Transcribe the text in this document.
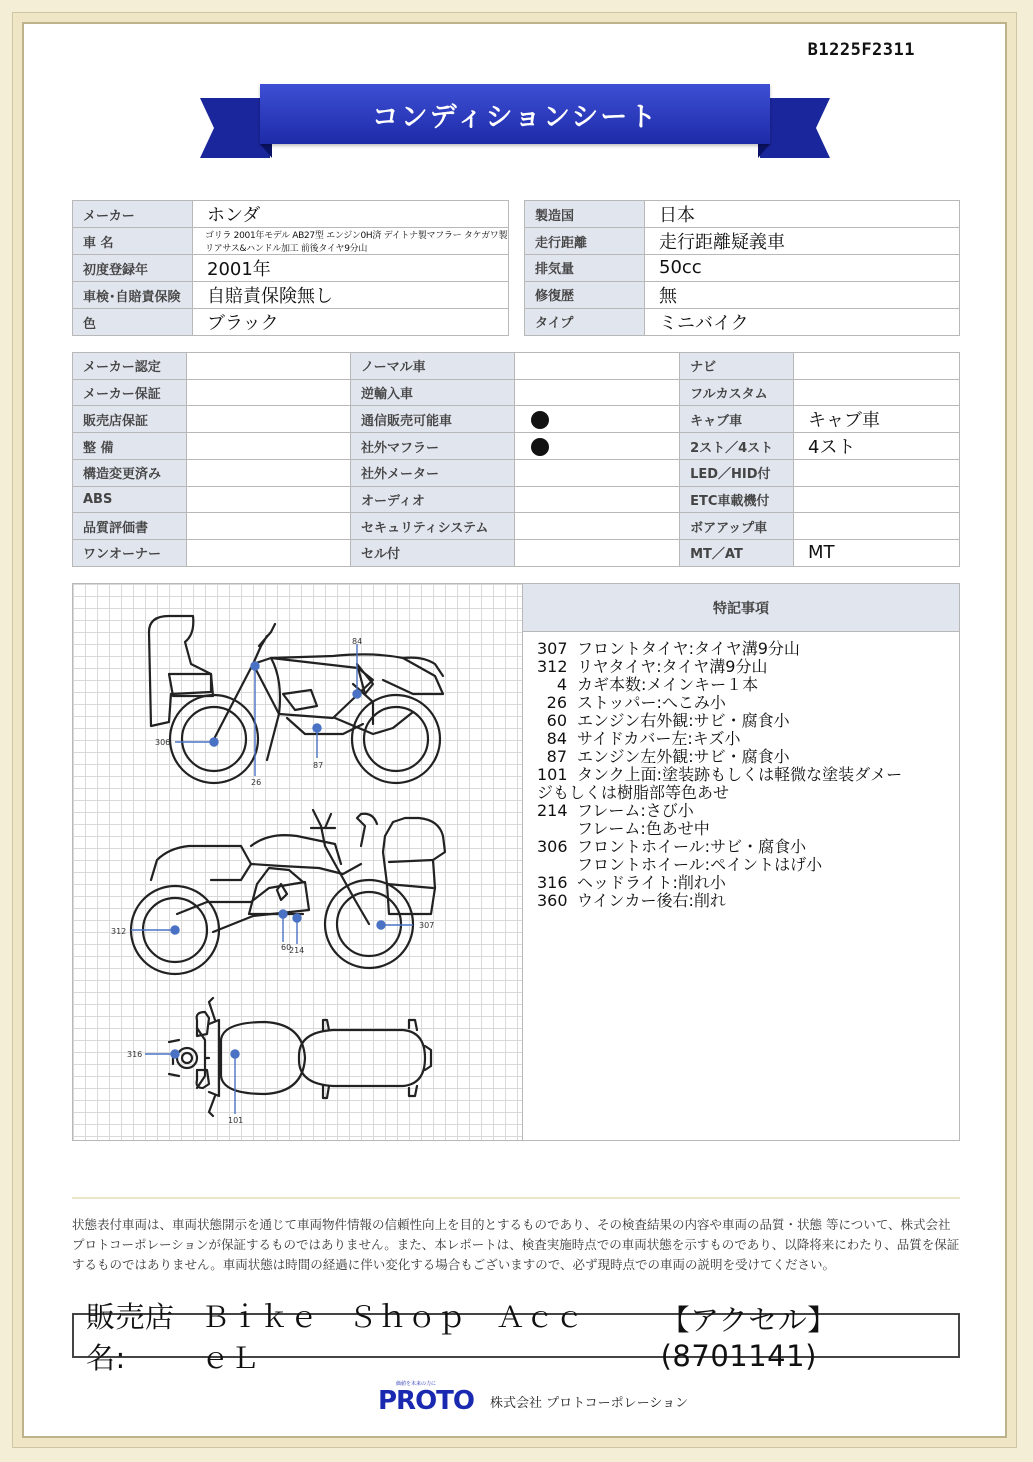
B1225F2311
コンディションシート
メーカー	ホンダ
車 名	ゴリラ 2001年モデル AB27型 エンジン0H済 デイトナ製マフラー タケガワ製リアサス&ハンドル加工 前後タイヤ9分山
初度登録年	2001年
車検･自賠責保険	自賠責保険無し
色	ブラック
製造国	日本
走行距離	走行距離疑義車
排気量	50cc
修復歴	無
タイプ	ミニバイク
メーカー認定		ノーマル車		ナビ	
メーカー保証		逆輸入車		フルカスタム	
販売店保証		通信販売可能車		キャブ車	キャブ車
整 備		社外マフラー		2スト／4スト	4スト
構造変更済み		社外メーター		LED／HID付	
ABS		オーディオ		ETC車載機付	
品質評価書		セキュリティシステム		ボアアップ車	
ワンオーナー		セル付		MT／AT	MT
84
306
26
87
312
307
60
214
316
101
特記事項
307 フロントタイヤ:タイヤ溝9分山
312 リヤタイヤ:タイヤ溝9分山
4 カギ本数:メインキー１本
26 ストッパー:へこみ小
60 エンジン右外観:サビ・腐食小
84 サイドカバー左:キズ小
87 エンジン左外観:サビ・腐食小
101 タンク上面:塗装跡もしくは軽微な塗装ダメー
ジもしくは樹脂部等色あせ
214 フレーム:さび小
フレーム:色あせ中
306 フロントホイール:サビ・腐食小
フロントホイール:ペイントはげ小
316 ヘッドライト:削れ小
360 ウインカー後右:削れ
状態表付車両は、車両状態開示を通じて車両物件情報の信頼性向上を目的とするものであり、その検査結果の内容や車両の品質・状態 等について、株式会社プロトコーポレーションが保証するものではありません。また、本レポートは、検査実施時点での車両状態を示すものであり、以降将来にわたり、品質を保証するものではありません。車両状態は時間の経過に伴い変化する場合もございますので、必ず現時点での車両の説明を受けてください。
販売店名:
Ｂｉｋｅ　Ｓｈｏｐ　ＡｃｃｅＬ
【アクセル】(8701141)
価値を未来の力に
PROTO 株式会社 プロトコーポレーション
